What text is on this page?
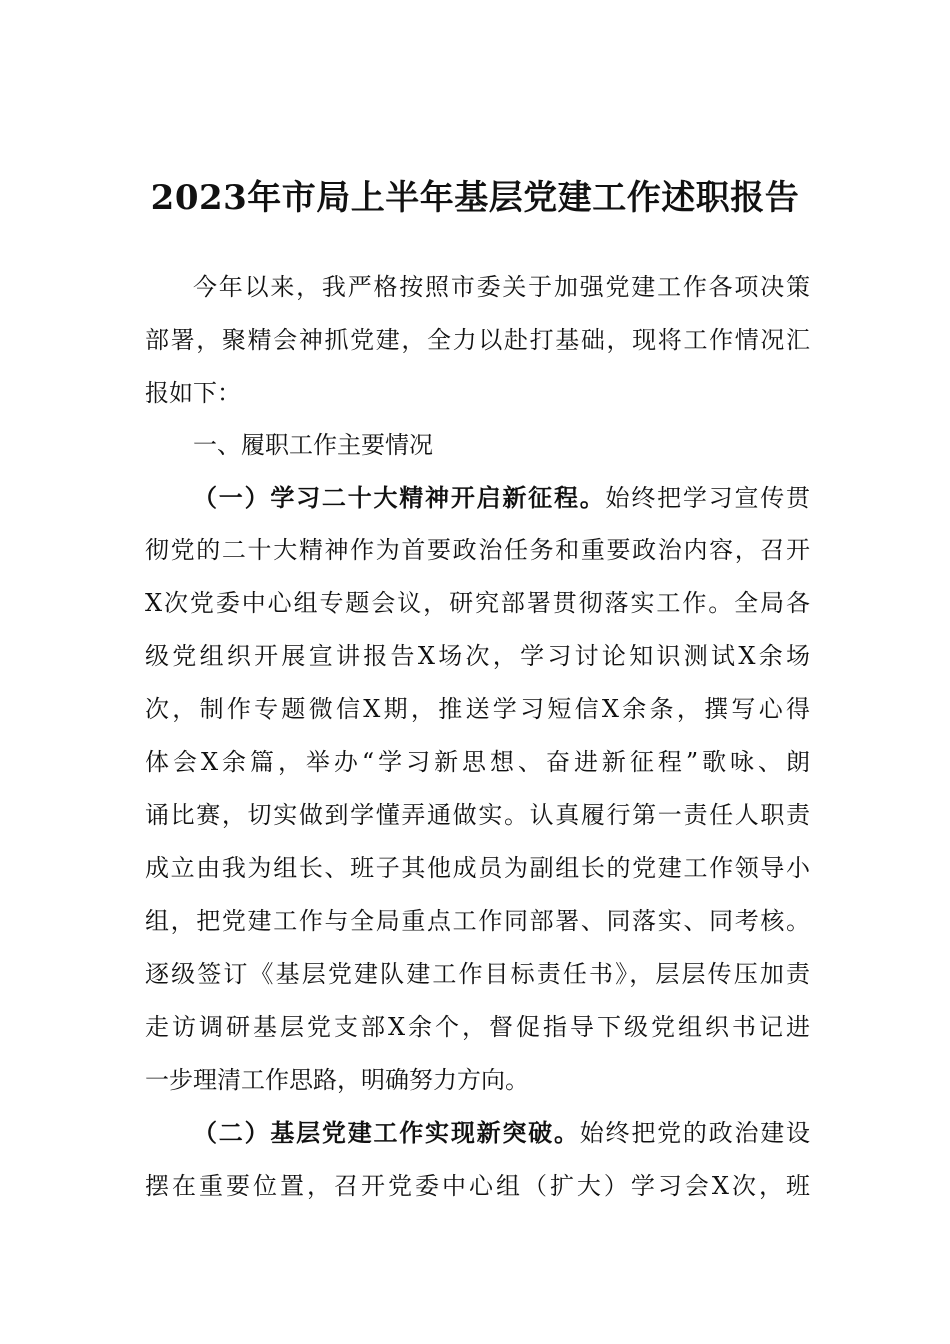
2023年市局上半年基层党建工作述职报告
今年以来，我严格按照市委关于加强党建工作各项决策
部署，聚精会神抓党建，全力以赴打基础，现将工作情况汇
报如下：
一、履职工作主要情况
（一）学习二十大精神开启新征程。始终把学习宣传贯
彻党的二十大精神作为首要政治任务和重要政治内容，召开
X次党委中心组专题会议，研究部署贯彻落实工作。全局各
级党组织开展宣讲报告X场次，学习讨论知识测试X余场
次，制作专题微信X期，推送学习短信X余条，撰写心得
体会X余篇，举办“学习新思想、奋进新征程”歌咏、朗
诵比赛，切实做到学懂弄通做实。认真履行第一责任人职责
成立由我为组长、班子其他成员为副组长的党建工作领导小
组，把党建工作与全局重点工作同部署、同落实、同考核。
逐级签订《基层党建队建工作目标责任书》，层层传压加责
走访调研基层党支部X余个，督促指导下级党组织书记进
一步理清工作思路，明确努力方向。
（二）基层党建工作实现新突破。始终把党的政治建设
摆在重要位置，召开党委中心组（扩大）学习会X次，班
